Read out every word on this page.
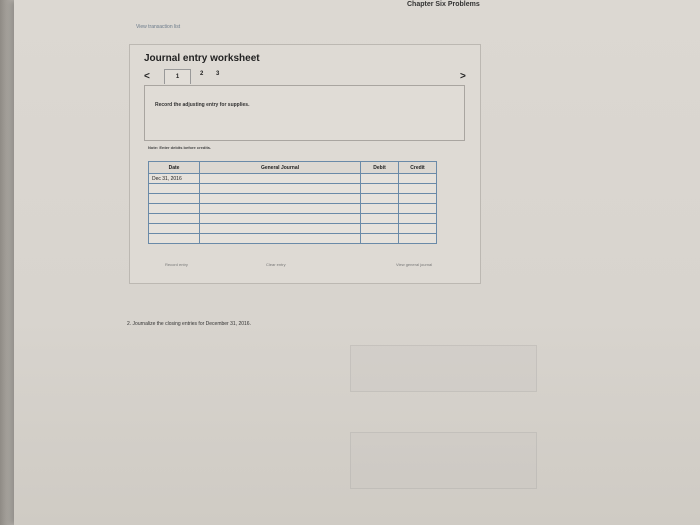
Chapter Six Problems
View transaction list
Journal entry worksheet
<	1	2 3	>
Record the adjusting entry for supplies.
Note: Enter debits before credits.
Date	General Journal	Debit	Credit
Dec 31, 2016			

Record entry	Clear entry	View general journal
2. Journalize the closing entries for December 31, 2016.
